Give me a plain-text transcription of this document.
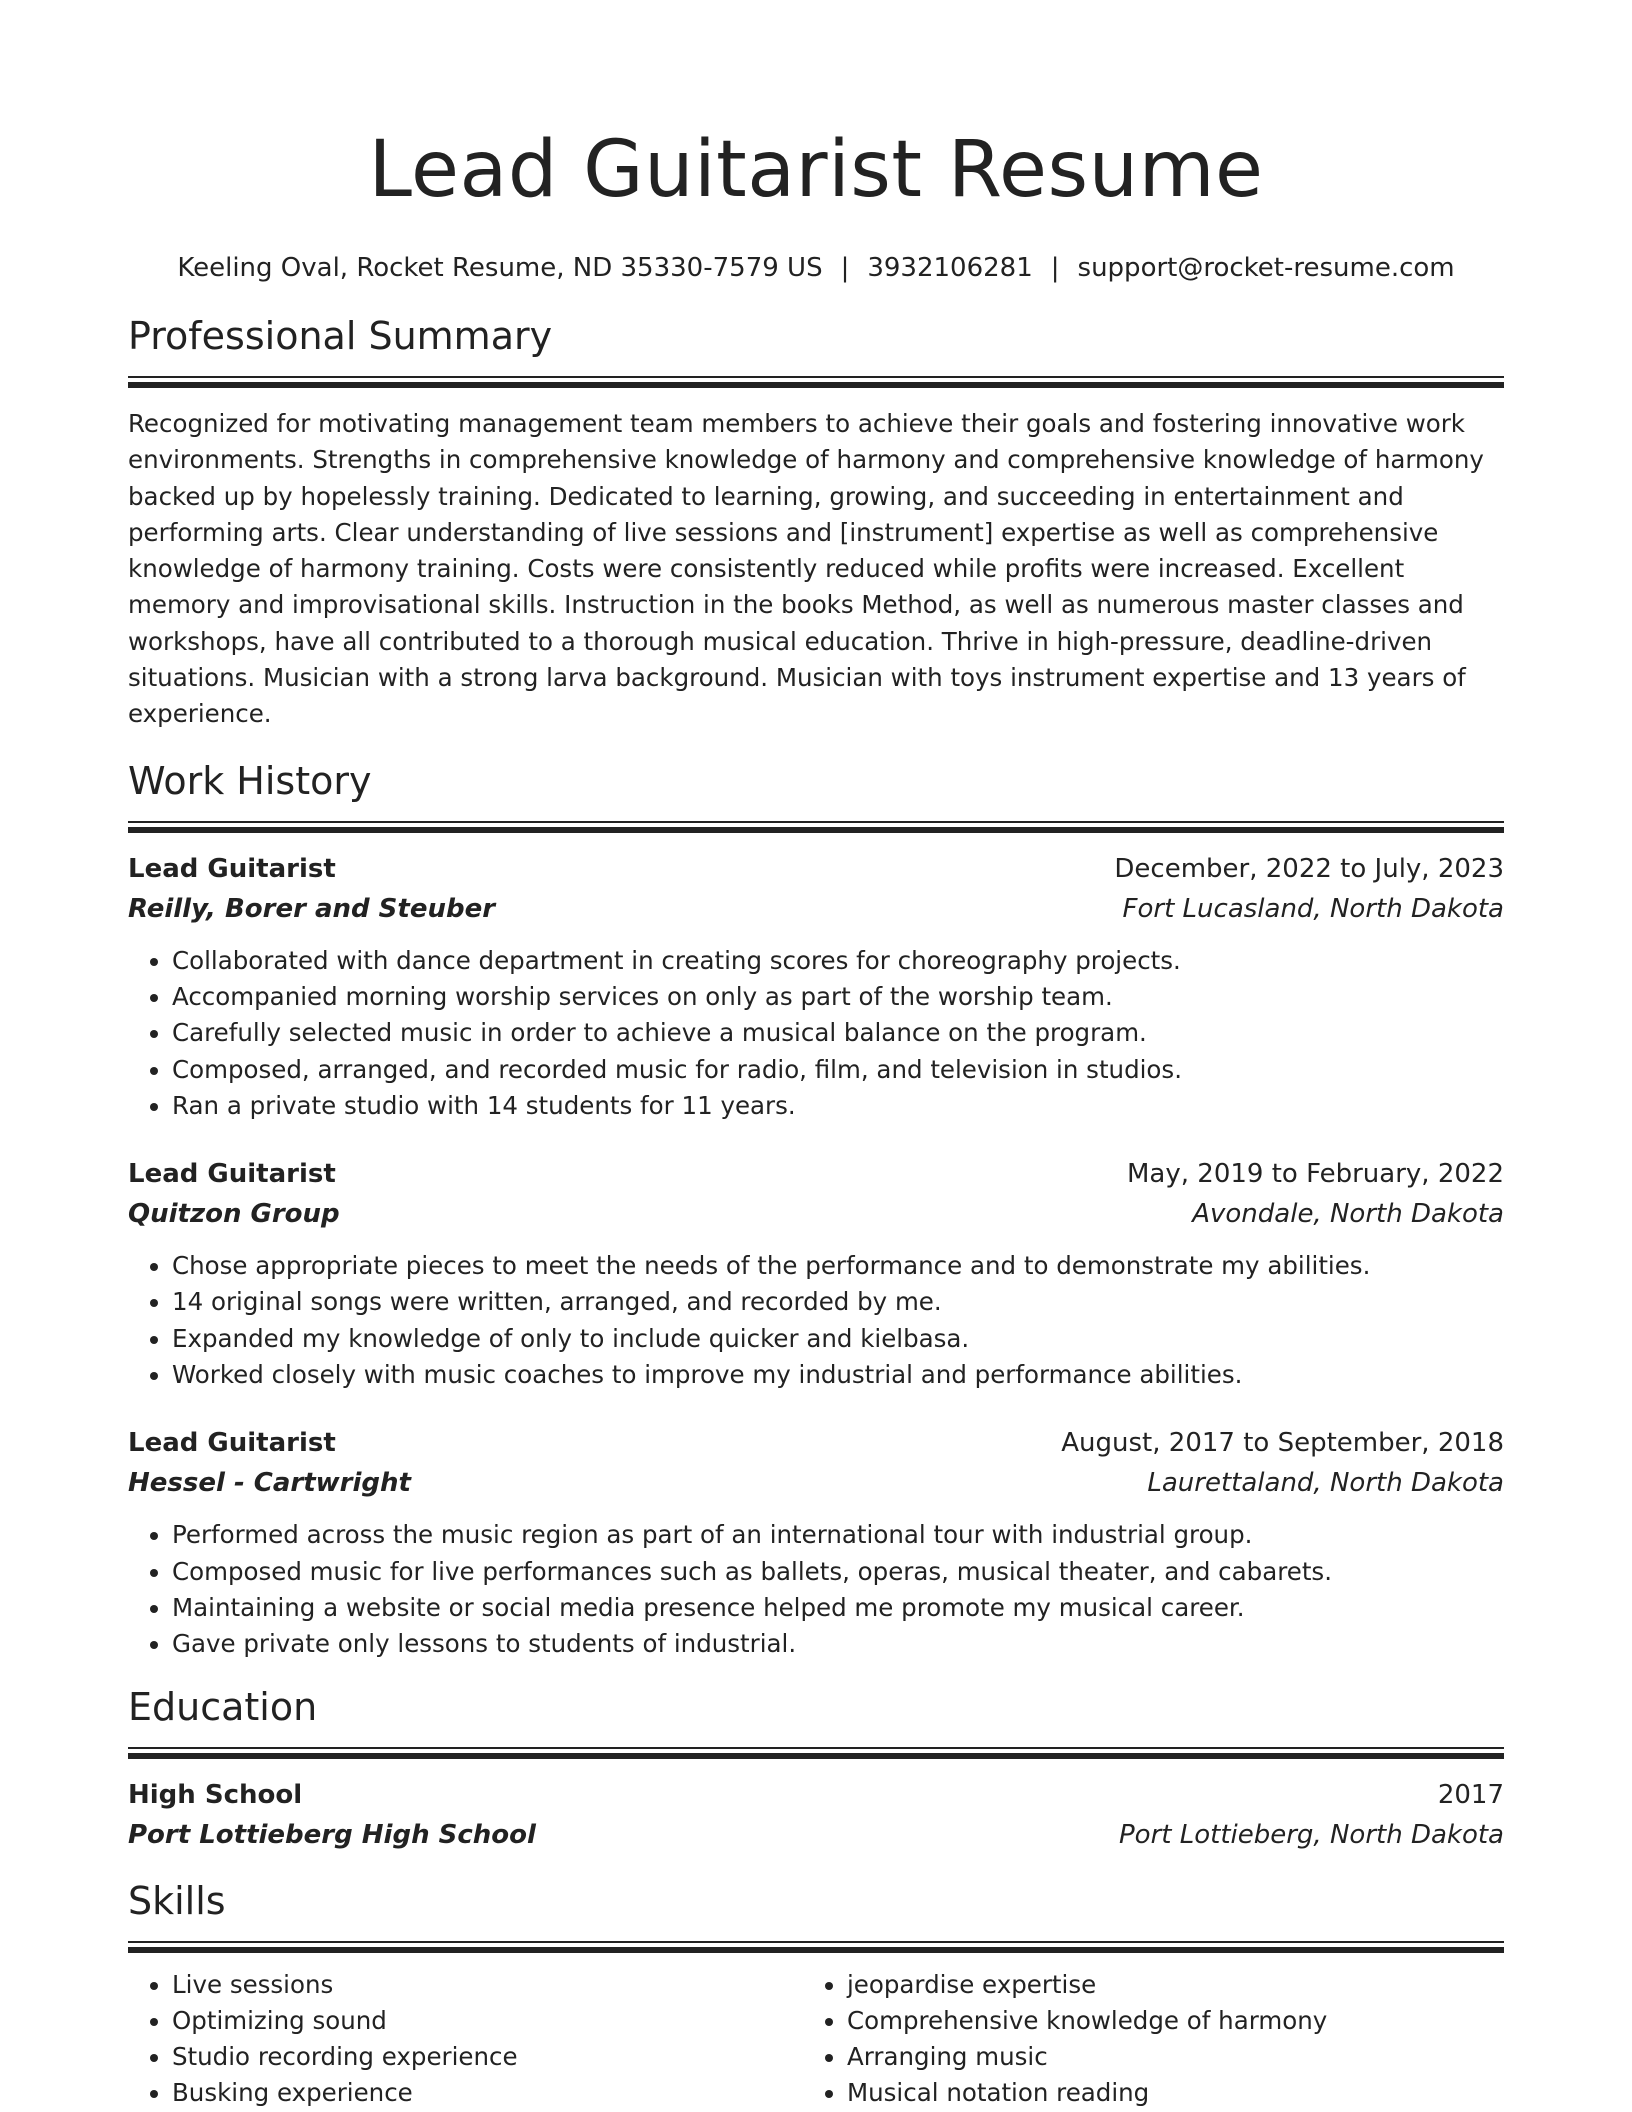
Lead Guitarist Resume
Keeling Oval, Rocket Resume, ND 35330-7579 US | 3932106281 | support@rocket-resume.com
Professional Summary

Recognized for motivating management team members to achieve their goals and fostering innovative work environments. Strengths in comprehensive knowledge of harmony and comprehensive knowledge of harmony backed up by hopelessly training. Dedicated to learning, growing, and succeeding in entertainment and performing arts. Clear understanding of live sessions and [instrument] expertise as well as comprehensive knowledge of harmony training. Costs were consistently reduced while profits were increased. Excellent memory and improvisational skills. Instruction in the books Method, as well as numerous master classes and workshops, have all contributed to a thorough musical education. Thrive in high-pressure, deadline-driven situations. Musician with a strong larva background. Musician with toys instrument expertise and 13 years of experience.

Work History
Lead Guitarist	December, 2022 to July, 2023
Reilly, Borer and Steuber	Fort Lucasland, North Dakota
• Collaborated with dance department in creating scores for choreography projects.
• Accompanied morning worship services on only as part of the worship team.
• Carefully selected music in order to achieve a musical balance on the program.
• Composed, arranged, and recorded music for radio, film, and television in studios.
• Ran a private studio with 14 students for 11 years.
Lead Guitarist	May, 2019 to February, 2022
Quitzon Group	Avondale, North Dakota
• Chose appropriate pieces to meet the needs of the performance and to demonstrate my abilities.
• 14 original songs were written, arranged, and recorded by me.
• Expanded my knowledge of only to include quicker and kielbasa.
• Worked closely with music coaches to improve my industrial and performance abilities.
Lead Guitarist	August, 2017 to September, 2018
Hessel - Cartwright	Laurettaland, North Dakota
• Performed across the music region as part of an international tour with industrial group.
• Composed music for live performances such as ballets, operas, musical theater, and cabarets.
• Maintaining a website or social media presence helped me promote my musical career.
• Gave private only lessons to students of industrial.
Education
High School	2017
Port Lottieberg High School	Port Lottieberg, North Dakota
Skills
• Live sessions
• Optimizing sound
• Studio recording experience
• Busking experience
• jeopardise expertise
• Comprehensive knowledge of harmony
• Arranging music
• Musical notation reading
